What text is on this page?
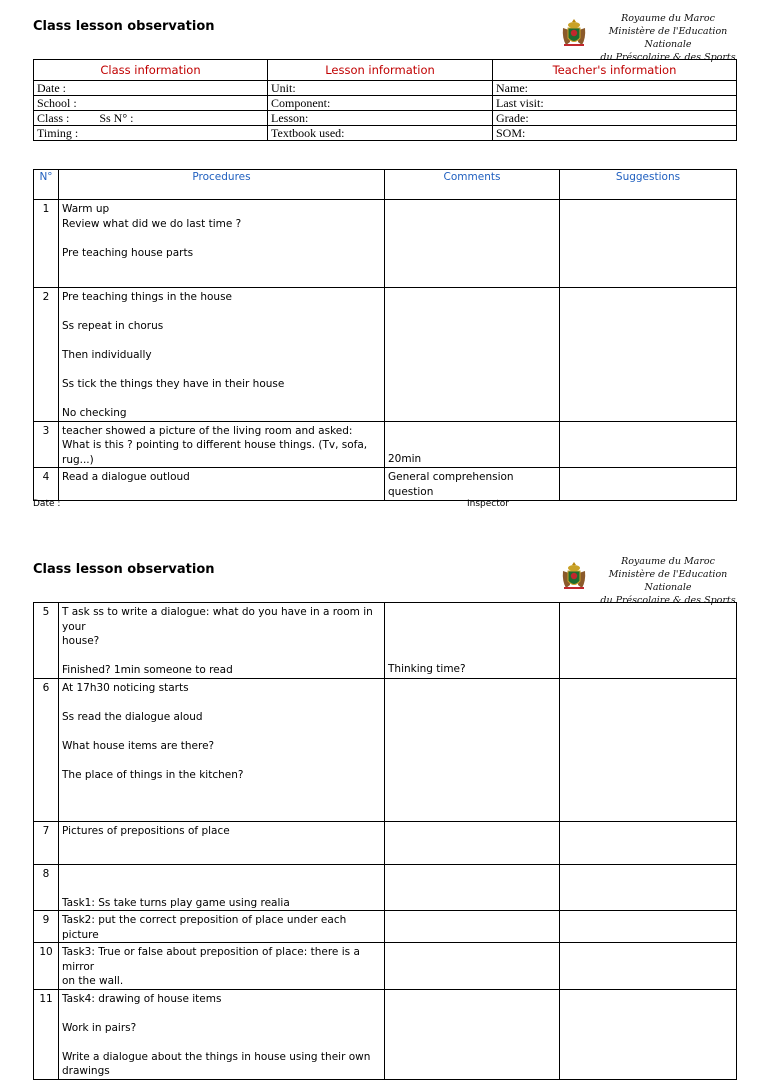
Class lesson observation
Royaume du Maroc
Ministère de l'Education Nationale
du Préscolaire & des Sports
Class information	Lesson information	Teacher's information
Date :	Unit:	Name:
School :	Component:	Last visit:
Class :          Ss N° :	Lesson:	Grade:
Timing :	Textbook used:	SOM:
N°	Procedures	Comments	Suggestions
1	Warm up
Review what did we do last time ?
Pre teaching house parts		

2	Pre teaching things in the house
Ss repeat in chorus
Then individually
Ss tick the things they have in their house
No checking		

3	teacher showed a picture of the living room and asked:
What is this ? pointing to different house things. (Tv, sofa, rug...)	20min	
4	Read a dialogue outloud	General comprehension question	
Date :	Inspector
Class lesson observation
Royaume du Maroc
Ministère de l'Education Nationale
du Préscolaire & des Sports
5	T ask ss to write a dialogue: what do you have in a room in your
house?
Finished? 1min someone to read	Thinking time?	
6	At 17h30 noticing starts
Ss read the dialogue aloud
What house items are there?
The place of things in the kitchen?		

7	Pictures of prepositions of place		

8	Task1: Ss take turns play game using realia		

9	Task2: put the correct preposition of place under each picture		

10	Task3: True or false about preposition of place: there is a mirror
on the wall.		

11	Task4: drawing of house items
Work in pairs?
Write a dialogue about the things in house using their own
drawings		
